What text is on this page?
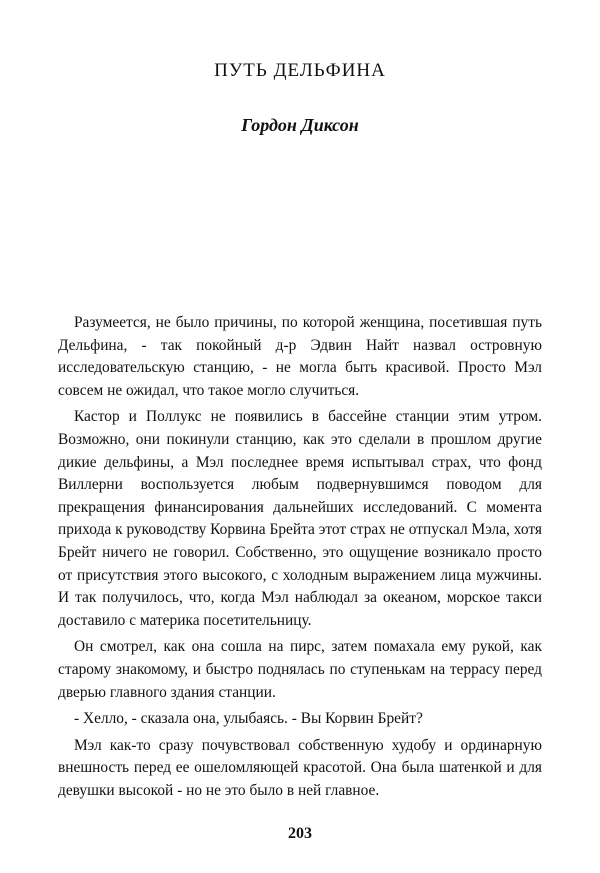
ПУТЬ ДЕЛЬФИНА
Гордон Диксон

Разумеется, не было причины, по которой женщина, посетившая путь Дельфина, - так покойный д-р Эдвин Найт назвал островную исследовательскую станцию, - не могла быть красивой. Просто Мэл совсем не ожидал, что такое могло случиться.

Кастор и Поллукс не появились в бассейне станции этим утром. Возможно, они покинули станцию, как это сделали в прошлом другие дикие дельфины, а Мэл последнее время испытывал страх, что фонд Виллерни воспользуется любым подвернувшимся поводом для прекращения финансирования дальнейших исследований. С момента прихода к руководству Корвина Брейта этот страх не отпускал Мэла, хотя Брейт ничего не говорил. Собственно, это ощущение возникало просто от присутствия этого высокого, с холодным выражением лица мужчины. И так получилось, что, когда Мэл наблюдал за океаном, морское такси доставило с материка посетительницу.

Он смотрел, как она сошла на пирс, затем помахала ему рукой, как старому знакомому, и быстро поднялась по ступенькам на террасу перед дверью главного здания станции.

- Хелло, - сказала она, улыбаясь. - Вы Корвин Брейт?

Мэл как-то сразу почувствовал собственную худобу и ординарную внешность перед ее ошеломляющей красотой. Она была шатенкой и для девушки высокой - но не это было в ней главное.

203
